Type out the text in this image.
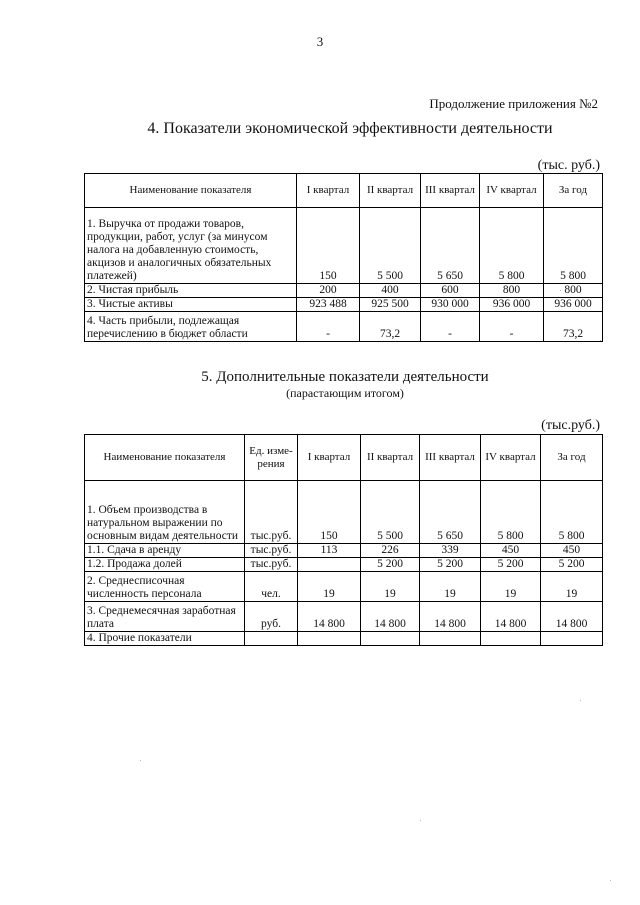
3
Продолжение приложения №2
4. Показатели экономической эффективности деятельности
(тыс. руб.)
Наименование показателя	I квартал	II квартал	III квартал	IV квартал	За год
1. Выручка от продажи товаров, продукции, работ, услуг (за минусом налога на добавленную стоимость, акцизов и аналогичных обязательных платежей)	150	5 500	5 650	5 800	5 800
2. Чистая прибыль	200	400	600	800	800
3. Чистые активы	923 488	925 500	930 000	936 000	936 000
4. Часть прибыли, подлежащая перечислению в бюджет области	-	73,2	-	-	73,2
5. Дополнительные показатели деятельности
(парастающим итогом)
(тыс.руб.)
Наименование показателя	Ед. изме-рения	I квартал	II квартал	III квартал	IV квартал	За год
1. Объем производства в натуральном выражении по основным видам деятельности	тыс.руб.	150	5 500	5 650	5 800	5 800
1.1. Сдача в аренду	тыс.руб.	113	226	339	450	450
1.2. Продажа долей	тыс.руб.		5 200	5 200	5 200	5 200
2. Среднесписочная численность персонала	чел.	19	19	19	19	19
3. Среднемесячная заработная плата	руб.	14 800	14 800	14 800	14 800	14 800
4. Прочие показатели						
